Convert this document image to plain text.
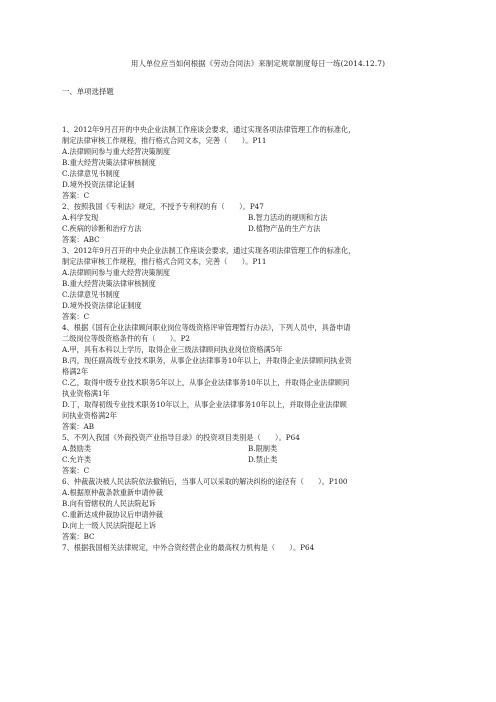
用人单位应当如何根据《劳动合同法》来制定规章制度每日一练(2014.12.7)
一、单项选择题
1、2012年9月召开的中央企业法制工作座谈会要求，通过实现各项法律管理工作的标准化，
制定法律审核工作规程，推行格式合同文本，完善（　　）。P11
A.法律顾问参与重大经营决策制度
B.重大经营决策法律审核制度
C.法律意见书制度
D.境外投资法律论证制
答案：C
2、按照我国《专利法》规定，不授予专利权的有（　　）。P47
A.科学发现	B.智力活动的规则和方法
C.疾病的诊断和治疗方法	D.植物产品的生产方法
答案：ABC
3、2012年9月召开的中央企业法制工作座谈会要求，通过实现各项法律管理工作的标准化，
制定法律审核工作规程，推行格式合同文本，完善（　　）。P11
A.法律顾问参与重大经营决策制度
B.重大经营决策法律审核制度
C.法律意见书制度
D.境外投资法律论证制度
答案：C
4、根据《国有企业法律顾问职业岗位等级资格评审管理暂行办法》，下列人员中，具备申请
二级岗位等级资格条件的有（　　）。P2
A.甲，具有本科以上学历，取得企业三级法律顾问执业岗位资格满5年
B.丙，现任副高级专业技术职务，从事企业法律事务10年以上，并取得企业法律顾问执业资
格满2年
C.乙，取得中级专业技术职务5年以上，从事企业法律事务10年以上，并取得企业法律顾问
执业资格满1年
D.丁，取得初级专业技术职务10年以上，从事企业法律事务10年以上，并取得企业法律顾
问执业资格满2年
答案：AB
5、不列入我国《外商投资产业指导目录》的投资项目类别是（　　）。P64
A.鼓励类	B.限制类
C.允许类	D.禁止类
答案：C
6、仲裁裁决被人民法院依法撤销后，当事人可以采取的解决纠纷的途径有（　　）。P100
A.根据原仲裁条款重新申请仲裁
B.向有管辖权的人民法院起诉
C.重新达成仲裁协议后申请仲裁
D.向上一级人民法院提起上诉
答案：BC
7、根据我国相关法律规定，中外合资经营企业的最高权力机构是（　　）。P64
